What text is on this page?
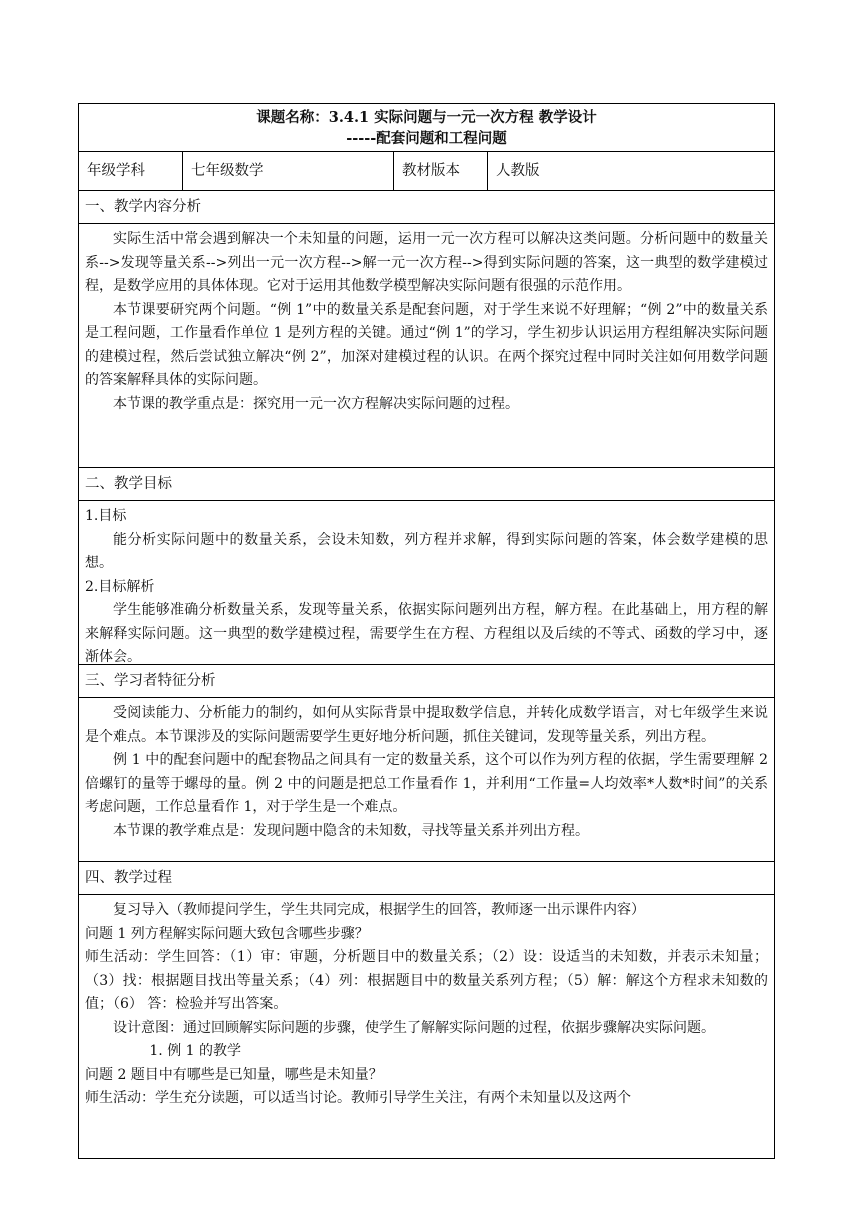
课题名称：3.4.1 实际问题与一元一次方程 教学设计
-----配套问题和工程问题
年级学科	七年级数学	教材版本	人教版
一、教学内容分析

实际生活中常会遇到解决一个未知量的问题，运用一元一次方程可以解决这类问题。分析问题中的数量关系-->发现等量关系-->列出一元一次方程-->解一元一次方程-->得到实际问题的答案，这一典型的数学建模过程，是数学应用的具体体现。它对于运用其他数学模型解决实际问题有很强的示范作用。

本节课要研究两个问题。“例 1”中的数量关系是配套问题，对于学生来说不好理解；“例 2”中的数量关系是工程问题，工作量看作单位 1 是列方程的关键。通过“例 1”的学习，学生初步认识运用方程组解决实际问题的建模过程，然后尝试独立解决“例 2”，加深对建模过程的认识。在两个探究过程中同时关注如何用数学问题的答案解释具体的实际问题。

本节课的教学重点是：探究用一元一次方程解决实际问题的过程。

二、教学目标

1.目标

能分析实际问题中的数量关系，会设未知数，列方程并求解，得到实际问题的答案，体会数学建模的思想。

2.目标解析

学生能够准确分析数量关系，发现等量关系，依据实际问题列出方程，解方程。在此基础上，用方程的解来解释实际问题。这一典型的数学建模过程，需要学生在方程、方程组以及后续的不等式、函数的学习中，逐渐体会。

三、学习者特征分析

受阅读能力、分析能力的制约，如何从实际背景中提取数学信息，并转化成数学语言，对七年级学生来说是个难点。本节课涉及的实际问题需要学生更好地分析问题，抓住关键词，发现等量关系，列出方程。

例 1 中的配套问题中的配套物品之间具有一定的数量关系，这个可以作为列方程的依据，学生需要理解 2 倍螺钉的量等于螺母的量。例 2 中的问题是把总工作量看作 1，并利用“工作量=人均效率*人数*时间”的关系考虑问题，工作总量看作 1，对于学生是一个难点。

本节课的教学难点是：发现问题中隐含的未知数，寻找等量关系并列出方程。

四、教学过程

复习导入（教师提问学生，学生共同完成，根据学生的回答，教师逐一出示课件内容）

问题 1 列方程解实际问题大致包含哪些步骤？

师生活动：学生回答：（1）审：审题，分析题目中的数量关系；（2）设：设适当的未知数，并表示未知量；（3）找：根据题目找出等量关系；（4）列：根据题目中的数量关系列方程；（5）解：解这个方程求未知数的值；（6） 答：检验并写出答案。

设计意图：通过回顾解实际问题的步骤，使学生了解解实际问题的过程，依据步骤解决实际问题。

1. 例 1 的教学

问题 2 题目中有哪些是已知量，哪些是未知量？

师生活动：学生充分读题，可以适当讨论。教师引导学生关注，有两个未知量以及这两个
